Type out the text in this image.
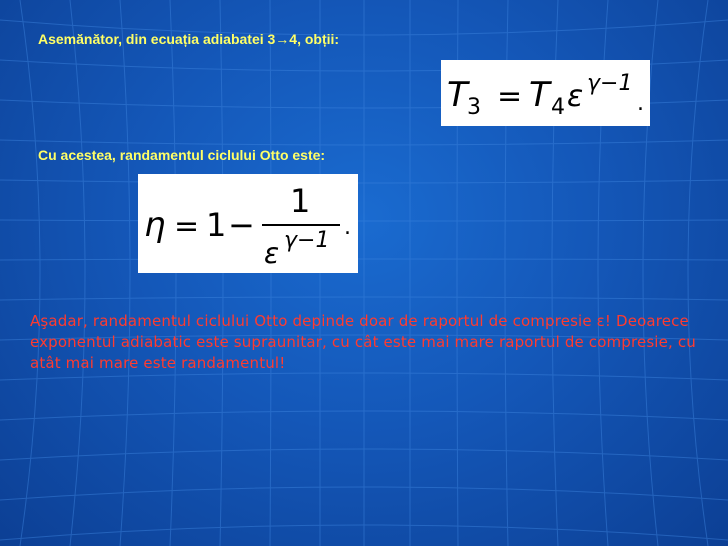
Asemănător, din ecuația adiabatei 3→4, obții:
T 3 = T 4 ε γ−1
.
Cu acestea, randamentul ciclului Otto este:
η = 1 −
1
ε γ−1
.
Aşadar, randamentul ciclului Otto depinde doar de raportul de compresie ε! Deoarece exponentul adiabatic este supraunitar, cu cât este mai mare raportul de compresie, cu atât mai mare este randamentul!
